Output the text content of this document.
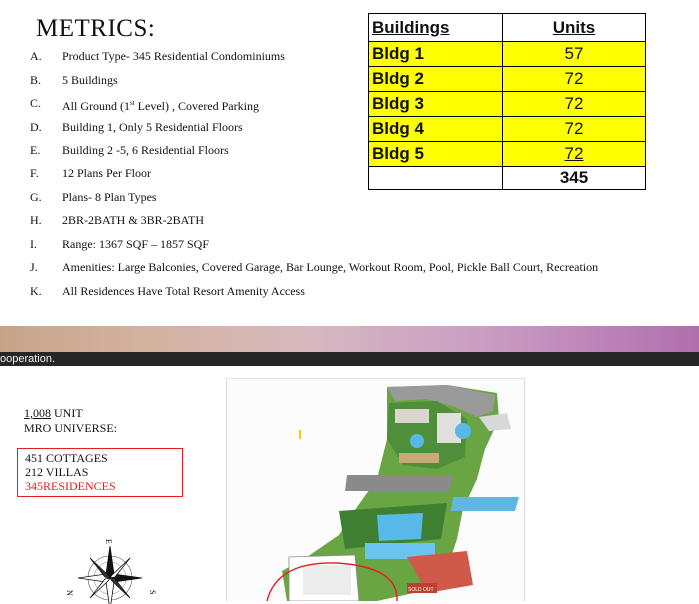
METRICS:
A.	Product Type- 345 Residential Condominiums
B.	5 Buildings
C.	All Ground (1st Level) , Covered Parking
D.	Building 1, Only 5 Residential Floors
E.	Building 2 -5, 6 Residential Floors
F.	12 Plans Per Floor
G.	Plans- 8 Plan Types
H.	2BR-2BATH & 3BR-2BATH
I.	Range: 1367 SQF – 1857 SQF
J.	Amenities: Large Balconies, Covered Garage, Bar Lounge, Workout Room, Pool, Pickle Ball Court, Recreation
K.	All Residences Have Total Resort Amenity Access
Buildings	Units
Bldg 1	57
Bldg 2	72
Bldg 3	72
Bldg 4	72
Bldg 5	72
	345
ooperation.
1,008 UNIT
MRO UNIVERSE:
451 COTTAGES
212 VILLAS
345RESIDENCES
E
N	S	SOLD OUT
